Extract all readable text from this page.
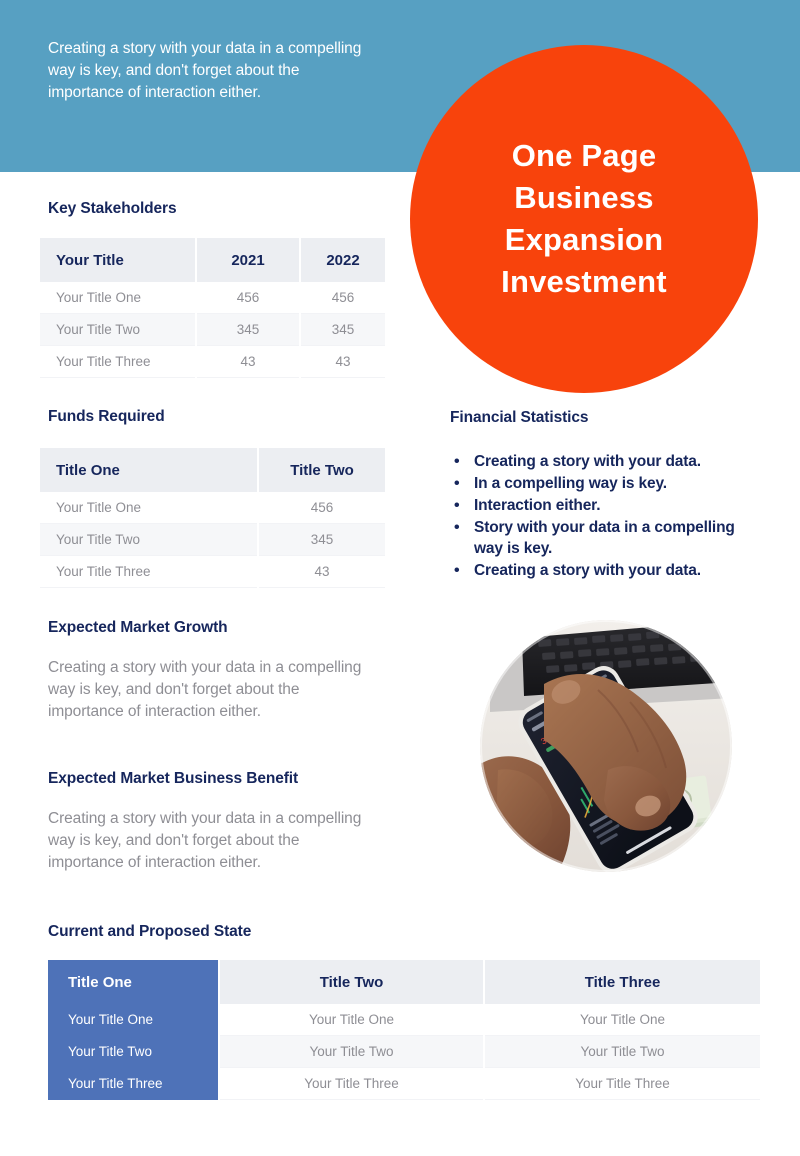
Creating a story with your data in a compelling way is key, and don't forget about the importance of interaction either.
One Page Business Expansion Investment
Key Stakeholders
Your Title	2021	2022
Your Title One	456	456
Your Title Two	345	345
Your Title Three	43	43
Funds Required
Title One	Title Two
Your Title One	456
Your Title Two	345
Your Title Three	43
Financial Statistics
• Creating a story with your data.
• In a compelling way is key.
• Interaction either.
• Story with your data in a compelling way is key.
• Creating a story with your data.
Expected Market Growth
Creating a story with your data in a compelling way is key, and don't forget about the importance of interaction either.
Expected Market Business Benefit
Creating a story with your data in a compelling way is key, and don't forget about the importance of interaction either.
Current and Proposed State
Title One	Title Two	Title Three
Your Title One	Your Title One	Your Title One
Your Title Two	Your Title Two	Your Title Two
Your Title Three	Your Title Three	Your Title Three
